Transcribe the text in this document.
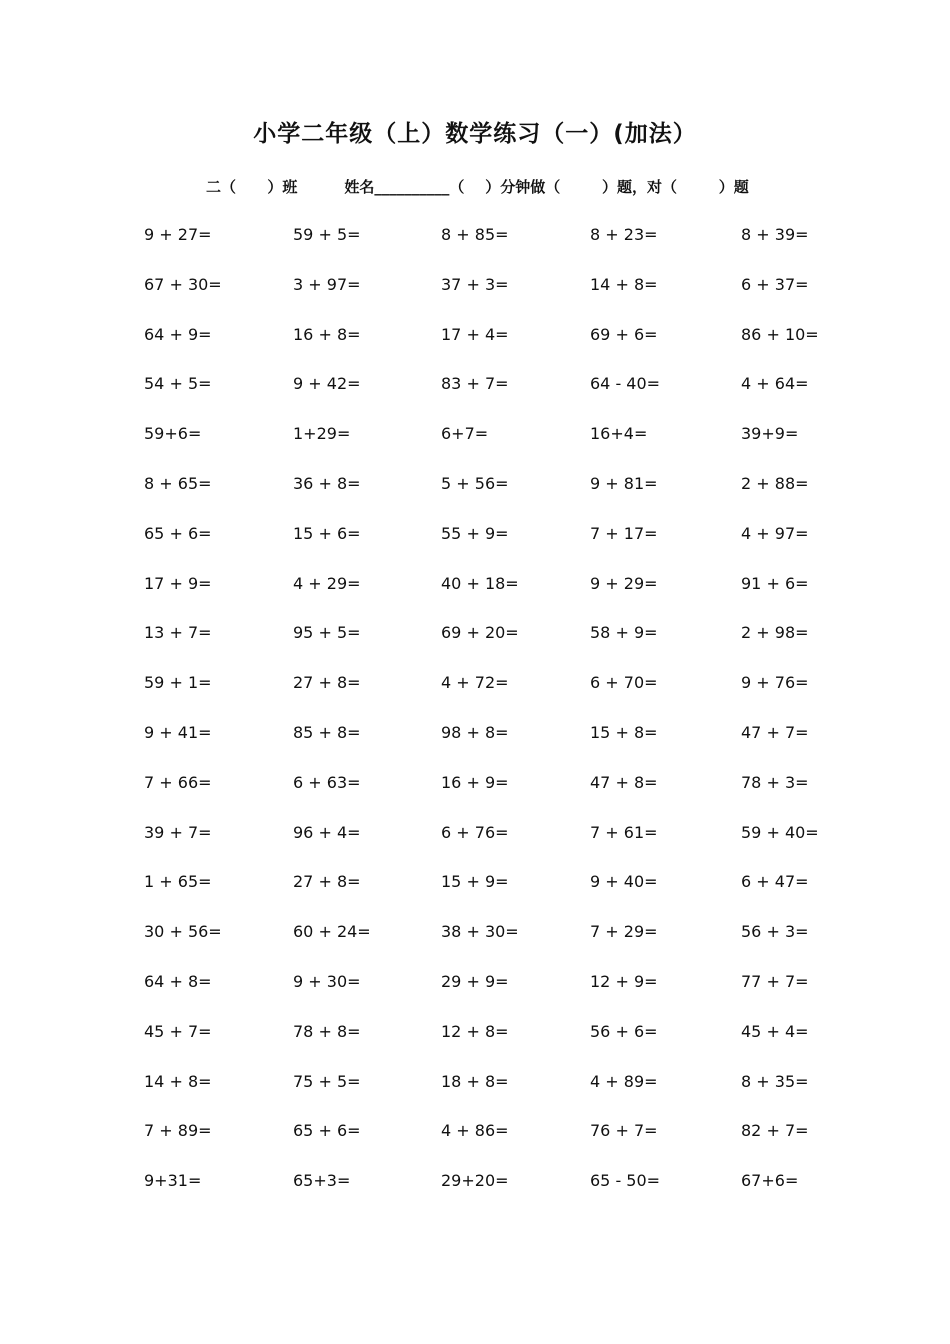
小学二年级（上）数学练习（一）(加法）
二（      ）班         姓名__________（    ）分钟做（        ）题，对（        ）题
9 + 27=	59 + 5=	8 + 85=	8 + 23=	8 + 39=
67 + 30=	3 + 97=	37 + 3=	14 + 8=	6 + 37=
64 + 9=	16 + 8=	17 + 4=	69 + 6=	86 + 10=
54 + 5=	9 + 42=	83 + 7=	64 - 40=	4 + 64=
59+6=	1+29=	6+7=	16+4=	39+9=
8 + 65=	36 + 8=	5 + 56=	9 + 81=	2 + 88=
65 + 6=	15 + 6=	55 + 9=	7 + 17=	4 + 97=
17 + 9=	4 + 29=	40 + 18=	9 + 29=	91 + 6=
13 + 7=	95 + 5=	69 + 20=	58 + 9=	2 + 98=
59 + 1=	27 + 8=	4 + 72=	6 + 70=	9 + 76=
9 + 41=	85 + 8=	98 + 8=	15 + 8=	47 + 7=
7 + 66=	6 + 63=	16 + 9=	47 + 8=	78 + 3=
39 + 7=	96 + 4=	6 + 76=	7 + 61=	59 + 40=
1 + 65=	27 + 8=	15 + 9=	9 + 40=	6 + 47=
30 + 56=	60 + 24=	38 + 30=	7 + 29=	56 + 3=
64 + 8=	9 + 30=	29 + 9=	12 + 9=	77 + 7=
45 + 7=	78 + 8=	12 + 8=	56 + 6=	45 + 4=
14 + 8=	75 + 5=	18 + 8=	4 + 89=	8 + 35=
7 + 89=	65 + 6=	4 + 86=	76 + 7=	82 + 7=
9+31=	65+3=	29+20=	65 - 50=	67+6=
